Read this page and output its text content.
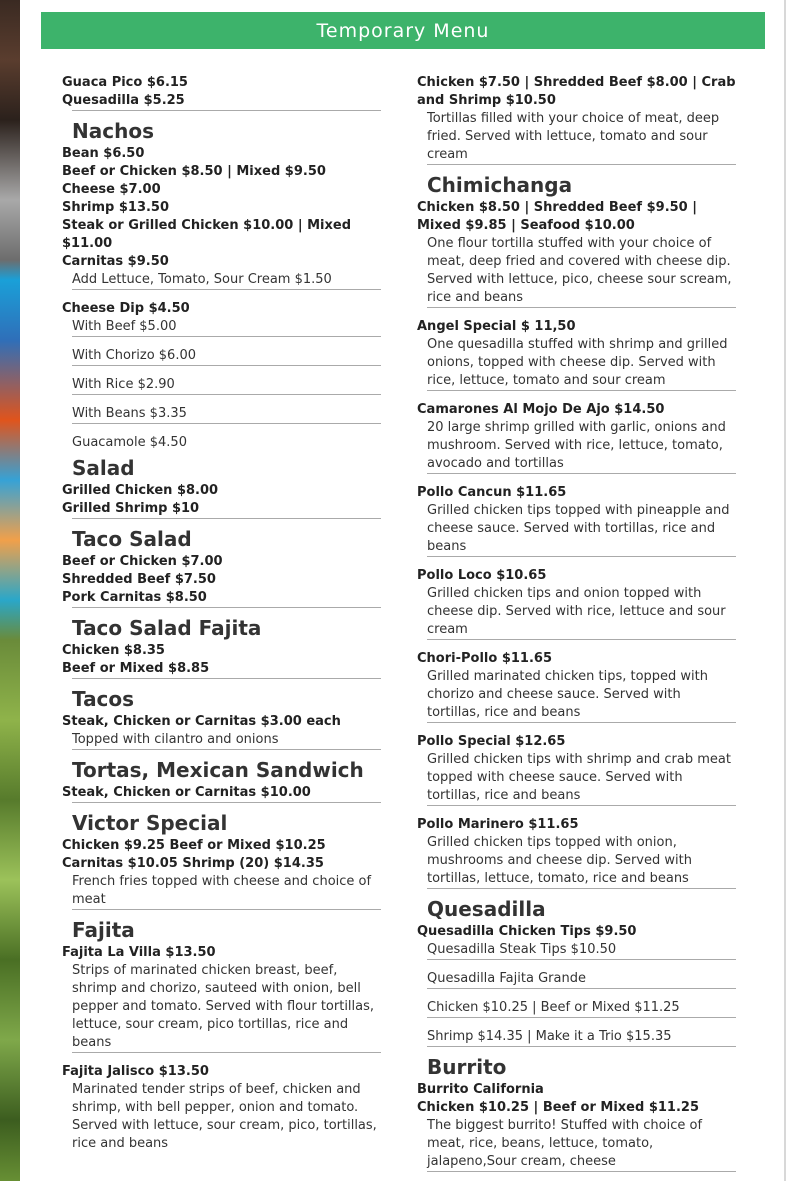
Temporary Menu
Guaca Pico $6.15
Quesadilla $5.25
Nachos
Bean $6.50
Beef or Chicken $8.50 | Mixed $9.50
Cheese $7.00
Shrimp $13.50
Steak or Grilled Chicken $10.00 | Mixed $11.00
Carnitas $9.50
Add Lettuce, Tomato, Sour Cream $1.50
Cheese Dip $4.50
With Beef $5.00
With Chorizo $6.00
With Rice $2.90
With Beans $3.35
Guacamole $4.50
Salad
Grilled Chicken $8.00
Grilled Shrimp $10
Taco Salad
Beef or Chicken $7.00
Shredded Beef $7.50
Pork Carnitas $8.50
Taco Salad Fajita
Chicken $8.35
Beef or Mixed $8.85
Tacos
Steak, Chicken or Carnitas $3.00 each
Topped with cilantro and onions
Tortas, Mexican Sandwich
Steak, Chicken or Carnitas $10.00
Victor Special
Chicken $9.25 Beef or Mixed $10.25
Carnitas $10.05 Shrimp (20) $14.35
French fries topped with cheese and choice of meat
Fajita
Fajita La Villa $13.50
Strips of marinated chicken breast, beef, shrimp and chorizo, sauteed with onion, bell pepper and tomato. Served with flour tortillas, lettuce, sour cream, pico tortillas, rice and beans
Fajita Jalisco $13.50
Marinated tender strips of beef, chicken and shrimp, with bell pepper, onion and tomato. Served with lettuce, sour cream, pico, tortillas, rice and beans
Chicken $7.50 | Shredded Beef $8.00 | Crab and Shrimp $10.50
Tortillas filled with your choice of meat, deep fried. Served with lettuce, tomato and sour cream
Chimichanga
Chicken $8.50 | Shredded Beef $9.50 | Mixed $9.85 | Seafood $10.00
One flour tortilla stuffed with your choice of meat, deep fried and covered with cheese dip. Served with lettuce, pico, cheese sour scream, rice and beans
Angel Special $ 11,50
One quesadilla stuffed with shrimp and grilled onions, topped with cheese dip. Served with rice, lettuce, tomato and sour cream
Camarones Al Mojo De Ajo $14.50
20 large shrimp grilled with garlic, onions and mushroom. Served with rice, lettuce, tomato, avocado and tortillas
Pollo Cancun $11.65
Grilled chicken tips topped with pineapple and cheese sauce. Served with tortillas, rice and beans
Pollo Loco $10.65
Grilled chicken tips and onion topped with cheese dip. Served with rice, lettuce and sour cream
Chori-Pollo $11.65
Grilled marinated chicken tips, topped with chorizo and cheese sauce. Served with tortillas, rice and beans
Pollo Special $12.65
Grilled chicken tips with shrimp and crab meat topped with cheese sauce. Served with tortillas, rice and beans
Pollo Marinero $11.65
Grilled chicken tips topped with onion, mushrooms and cheese dip. Served with tortillas, lettuce, tomato, rice and beans
Quesadilla
Quesadilla Chicken Tips $9.50
Quesadilla Steak Tips $10.50
Quesadilla Fajita Grande
Chicken $10.25 | Beef or Mixed $11.25
Shrimp $14.35 | Make it a Trio $15.35
Burrito
Burrito California
Chicken $10.25 | Beef or Mixed $11.25
The biggest burrito! Stuffed with choice of meat, rice, beans, lettuce, tomato, jalapeno,Sour cream, cheese
